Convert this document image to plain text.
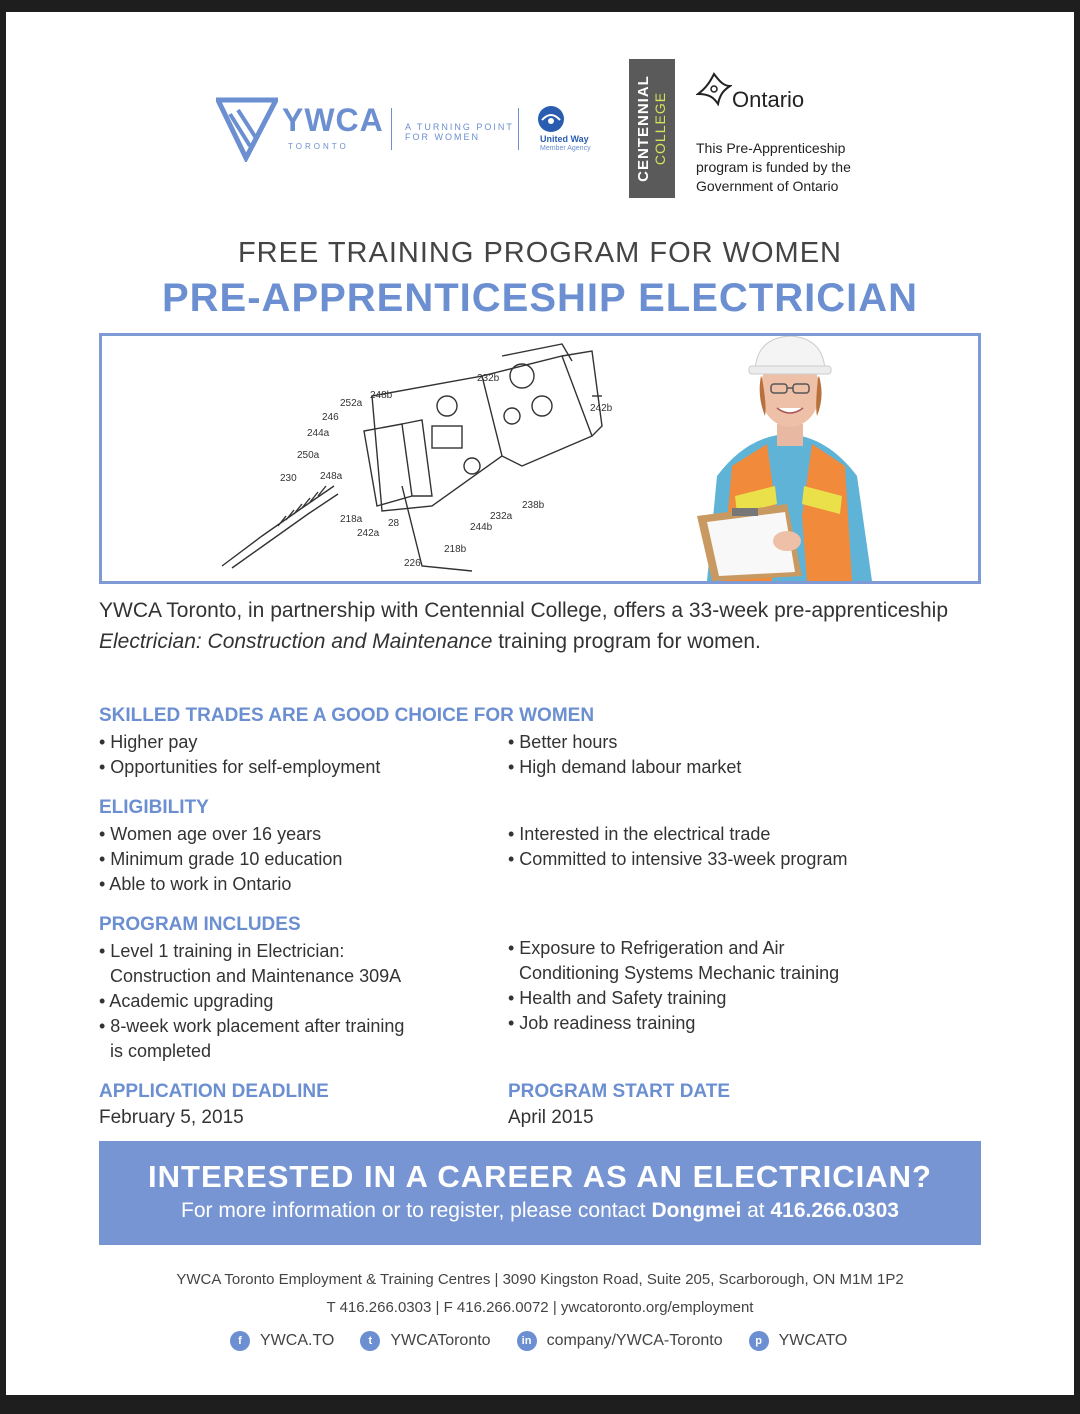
YWCA
TORONTO
A TURNING POINT FOR WOMEN	United Way
Member Agency	CENTENNIAL COLLEGE	Ontario
This Pre-Apprenticeship
program is funded by the
Government of Ontario
FREE TRAINING PROGRAM FOR WOMEN
PRE-APPRENTICESHIP ELECTRICIAN
252a
248b
232b
246
244a
250a
230 248a
218a	28
242a
218b
226
244b
232a
238b
242b
YWCA Toronto, in partnership with Centennial College, offers a 33-week pre-apprenticeship Electrician: Construction and Maintenance training program for women.
SKILLED TRADES ARE A GOOD CHOICE FOR WOMEN
• Higher pay
• Opportunities for self-employment
• Better hours
• High demand labour market
ELIGIBILITY
• Women age over 16 years
• Minimum grade 10 education
• Able to work in Ontario
• Interested in the electrical trade
• Committed to intensive 33-week program
PROGRAM INCLUDES
• Level 1 training in Electrician:
Construction and Maintenance 309A
• Academic upgrading
• 8-week work placement after training
is completed
• Exposure to Refrigeration and Air
Conditioning Systems Mechanic training
• Health and Safety training
• Job readiness training
APPLICATION DEADLINE
February 5, 2015
PROGRAM START DATE
April 2015
INTERESTED IN A CAREER AS AN ELECTRICIAN?
For more information or to register, please contact Dongmei at 416.266.0303
YWCA Toronto Employment & Training Centres | 3090 Kingston Road, Suite 205, Scarborough, ON M1M 1P2
T 416.266.0303 | F 416.266.0072 | ywcatoronto.org/employment
f	YWCA.TO	t	YWCAToronto	in company/YWCA-Toronto	p	YWCATO
